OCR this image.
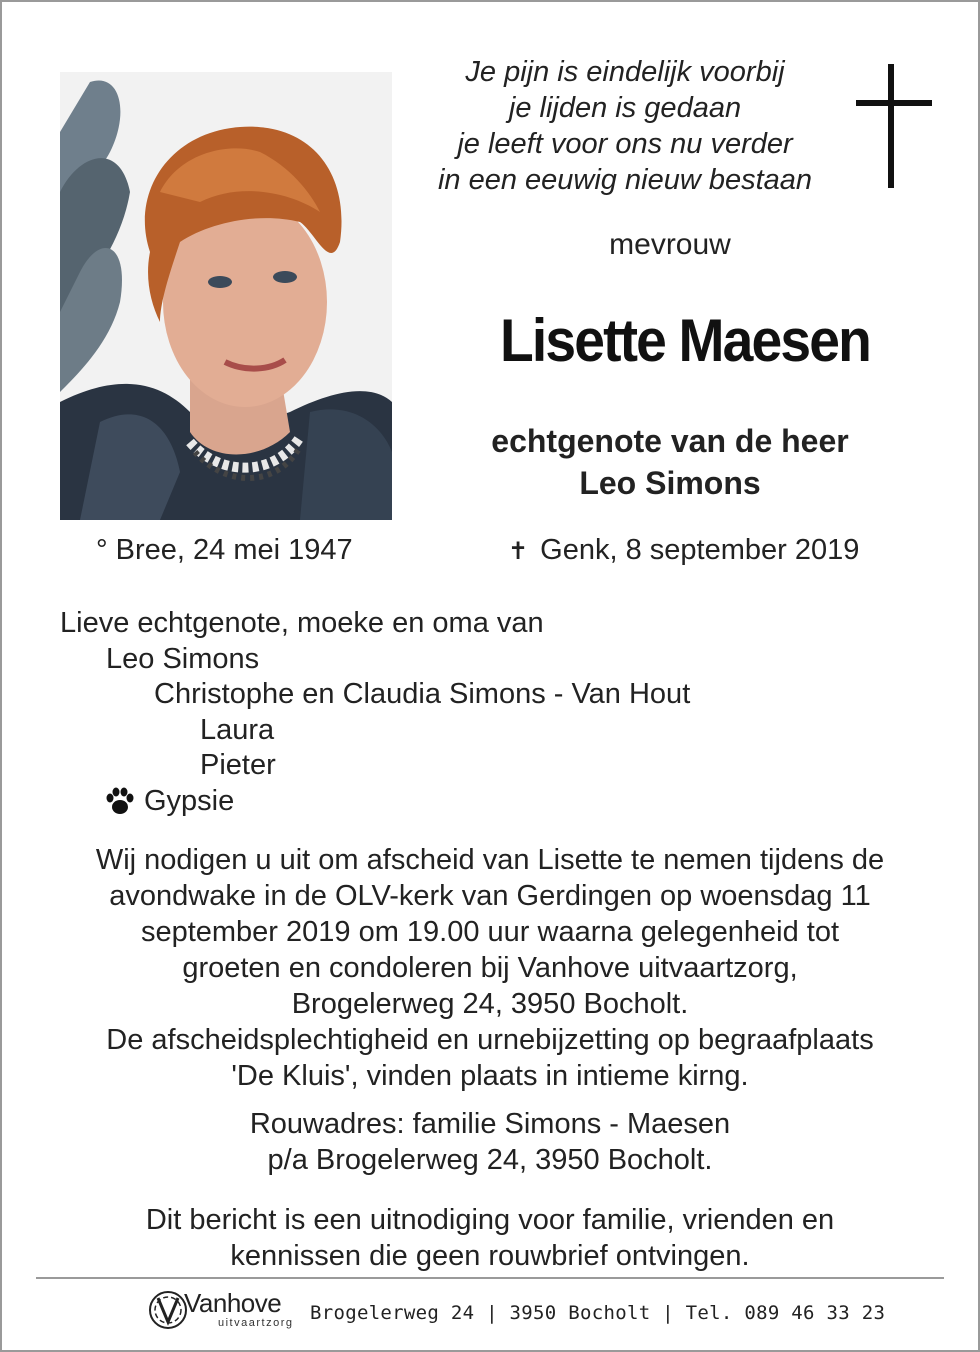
Je pijn is eindelijk voorbij
je lijden is gedaan
je leeft voor ons nu verder
in een eeuwig nieuw bestaan
mevrouw
Lisette Maesen
echtgenote van de heer
Leo Simons
° Bree, 24 mei 1947	✝ Genk, 8 september 2019
Lieve echtgenote, moeke en oma van
Leo Simons
Christophe en Claudia Simons - Van Hout
Laura
Pieter
Gypsie
Wij nodigen u uit om afscheid van Lisette te nemen tijdens de
avondwake in de OLV-kerk van Gerdingen op woensdag 11
september 2019 om 19.00 uur waarna gelegenheid tot
groeten en condoleren bij Vanhove uitvaartzorg,
Brogelerweg 24, 3950 Bocholt.
De afscheidsplechtigheid en urnebijzetting op begraafplaats
'De Kluis', vinden plaats in intieme kirng.
Rouwadres: familie Simons - Maesen
p/a Brogelerweg 24, 3950 Bocholt.
Dit bericht is een uitnodiging voor familie, vrienden en
kennissen die geen rouwbrief ontvingen.
Vanhove
uitvaartzorg Brogelerweg 24 | 3950 Bocholt | Tel. 089 46 33 23
